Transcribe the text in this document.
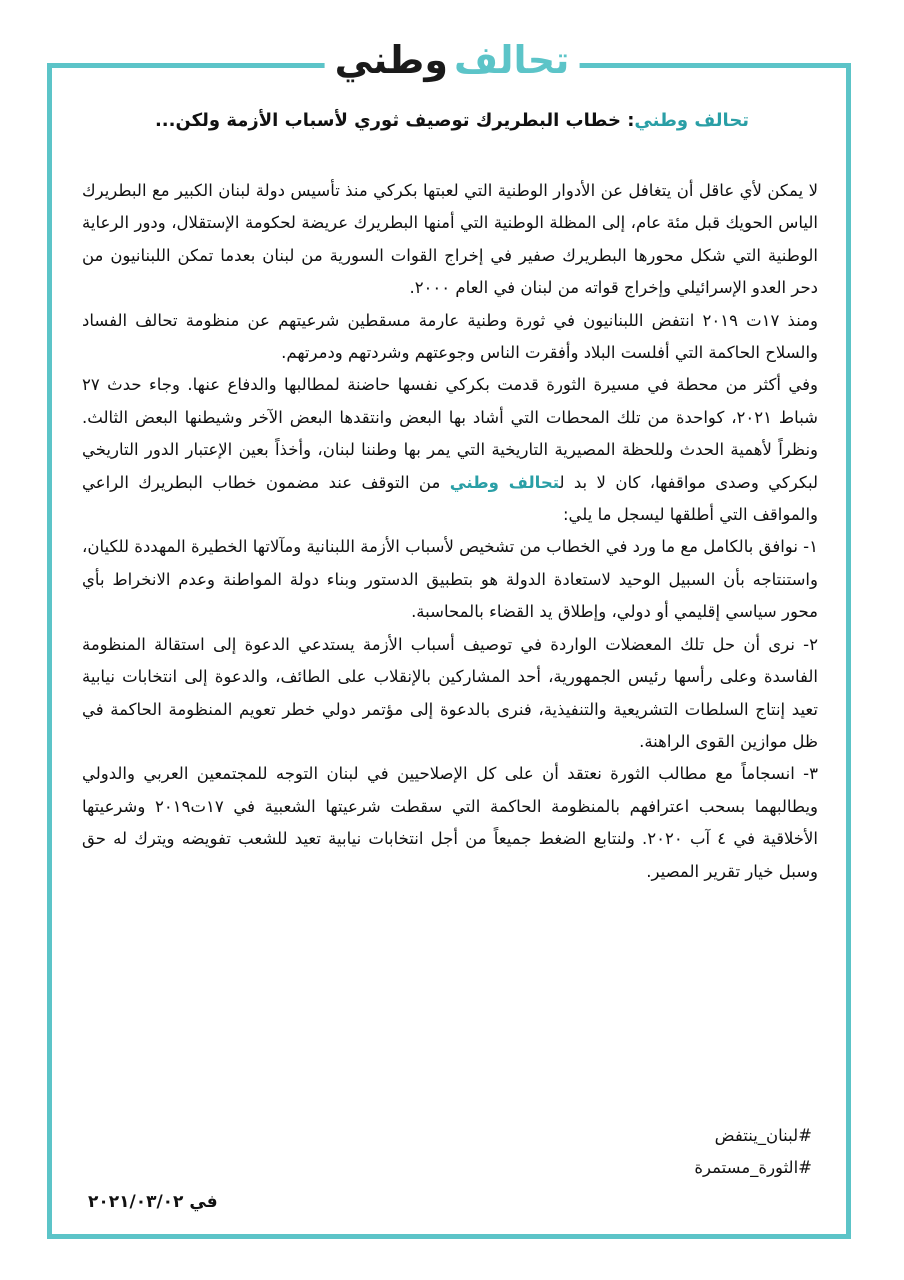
تحالف
وطني
تحالف وطني: خطاب البطريرك توصيف ثوري لأسباب الأزمة ولكن...

لا يمكن لأي عاقل أن يتغافل عن الأدوار الوطنية التي لعبتها بكركي منذ تأسيس دولة لبنان الكبير مع البطريرك الياس الحويك قبل مئة عام، إلى المظلة الوطنية التي أمنها البطريرك عريضة لحكومة الإستقلال، ودور الرعاية الوطنية التي شكل محورها البطريرك صفير في إخراج القوات السورية من لبنان بعدما تمكن اللبنانيون من دحر العدو الإسرائيلي وإخراج قواته من لبنان في العام ٢٠٠٠.

ومنذ ١٧ت ٢٠١٩ انتفض اللبنانيون في ثورة وطنية عارمة مسقطين شرعيتهم عن منظومة تحالف الفساد والسلاح الحاكمة التي أفلست البلاد وأفقرت الناس وجوعتهم وشردتهم ودمرتهم.

وفي أكثر من محطة في مسيرة الثورة قدمت بكركي نفسها حاضنة لمطالبها والدفاع عنها. وجاء حدث ٢٧ شباط ٢٠٢١، كواحدة من تلك المحطات التي أشاد بها البعض وانتقدها البعض الآخر وشيطنها البعض الثالث. ونظراً لأهمية الحدث وللحظة المصيرية التاريخية التي يمر بها وطننا لبنان، وأخذاً بعين الإعتبار الدور التاريخي لبكركي وصدى مواقفها، كان لا بد لتحالف وطني من التوقف عند مضمون خطاب البطريرك الراعي والمواقف التي أطلقها ليسجل ما يلي:

١- نوافق بالكامل مع ما ورد في الخطاب من تشخيص لأسباب الأزمة اللبنانية ومآلاتها الخطيرة المهددة للكيان، واستنتاجه بأن السبيل الوحيد لاستعادة الدولة هو بتطبيق الدستور وبناء دولة المواطنة وعدم الانخراط بأي محور سياسي إقليمي أو دولي، وإطلاق يد القضاء بالمحاسبة.

٢- نرى أن حل تلك المعضلات الواردة في توصيف أسباب الأزمة يستدعي الدعوة إلى استقالة المنظومة الفاسدة وعلى رأسها رئيس الجمهورية، أحد المشاركين بالإنقلاب على الطائف، والدعوة إلى انتخابات نيابية تعيد إنتاج السلطات التشريعية والتنفيذية، فنرى بالدعوة إلى مؤتمر دولي خطر تعويم المنظومة الحاكمة في ظل موازين القوى الراهنة.

٣- انسجاماً مع مطالب الثورة نعتقد أن على كل الإصلاحيين في لبنان التوجه للمجتمعين العربي والدولي ويطالبهما بسحب اعترافهم بالمنظومة الحاكمة التي سقطت شرعيتها الشعبية في ١٧ت٢٠١٩ وشرعيتها الأخلاقية في ٤ آب ٢٠٢٠. ولنتابع الضغط جميعاً من أجل انتخابات نيابية تعيد للشعب تفويضه ويترك له حق وسبل خيار تقرير المصير.

#لبنان_ينتفض
#الثورة_مستمرة
في ٢٠٢١/٠٣/٠٢
